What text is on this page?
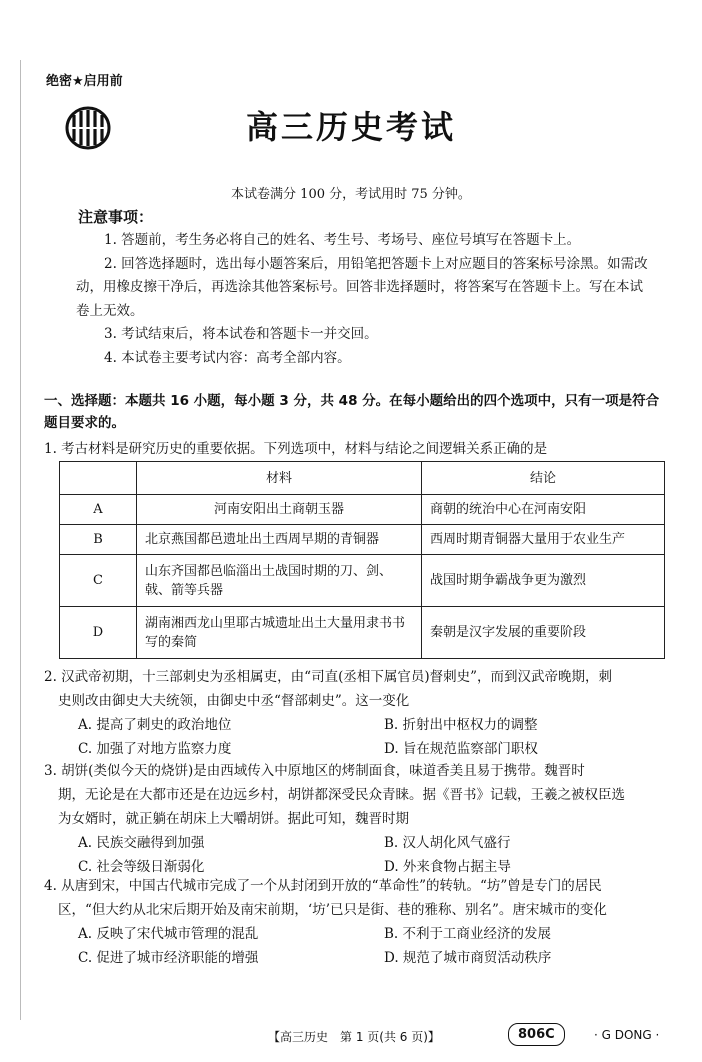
绝密★启用前
高三历史考试
本试卷满分 100 分，考试用时 75 分钟。
注意事项：

1. 答题前，考生务必将自己的姓名、考生号、考场号、座位号填写在答题卡上。

2. 回答选择题时，选出每小题答案后，用铅笔把答题卡上对应题目的答案标号涂黑。如需改动，用橡皮擦干净后，再选涂其他答案标号。回答非选择题时，将答案写在答题卡上。写在本试卷上无效。

3. 考试结束后，将本试卷和答题卡一并交回。

4. 本试卷主要考试内容：高考全部内容。

一、选择题：本题共 16 小题，每小题 3 分，共 48 分。在每小题给出的四个选项中，只有一项是符合题目要求的。

1. 考古材料是研究历史的重要依据。下列选项中，材料与结论之间逻辑关系正确的是

	材料	结论
A	河南安阳出土商朝玉器	商朝的统治中心在河南安阳
B	北京燕国都邑遗址出土西周早期的青铜器	西周时期青铜器大量用于农业生产
C	山东齐国都邑临淄出土战国时期的刀、剑、戟、箭等兵器	战国时期争霸战争更为激烈
D	湖南湘西龙山里耶古城遗址出土大量用隶书书写的秦简	秦朝是汉字发展的重要阶段

2. 汉武帝初期，十三部刺史为丞相属吏，由“司直(丞相下属官员)督刺史”，而到汉武帝晚期，刺

史则改由御史大夫统领，由御史中丞“督部刺史”。这一变化

A. 提高了刺史的政治地位	B. 折射出中枢权力的调整
C. 加强了对地方监察力度	D. 旨在规范监察部门职权

3. 胡饼(类似今天的烧饼)是由西域传入中原地区的烤制面食，味道香美且易于携带。魏晋时

期，无论是在大都市还是在边远乡村，胡饼都深受民众青睐。据《晋书》记载，王羲之被权臣选

为女婿时，就正躺在胡床上大嚼胡饼。据此可知，魏晋时期

A. 民族交融得到加强	B. 汉人胡化风气盛行
C. 社会等级日渐弱化	D. 外来食物占据主导

4. 从唐到宋，中国古代城市完成了一个从封闭到开放的“革命性”的转轨。“坊”曾是专门的居民

区，“但大约从北宋后期开始及南宋前期，‘坊’已只是街、巷的雅称、别名”。唐宋城市的变化

A. 反映了宋代城市管理的混乱	B. 不利于工商业经济的发展
C. 促进了城市经济职能的增强	D. 规范了城市商贸活动秩序
【高三历史　第 1 页(共 6 页)】	806C	· G DONG ·
